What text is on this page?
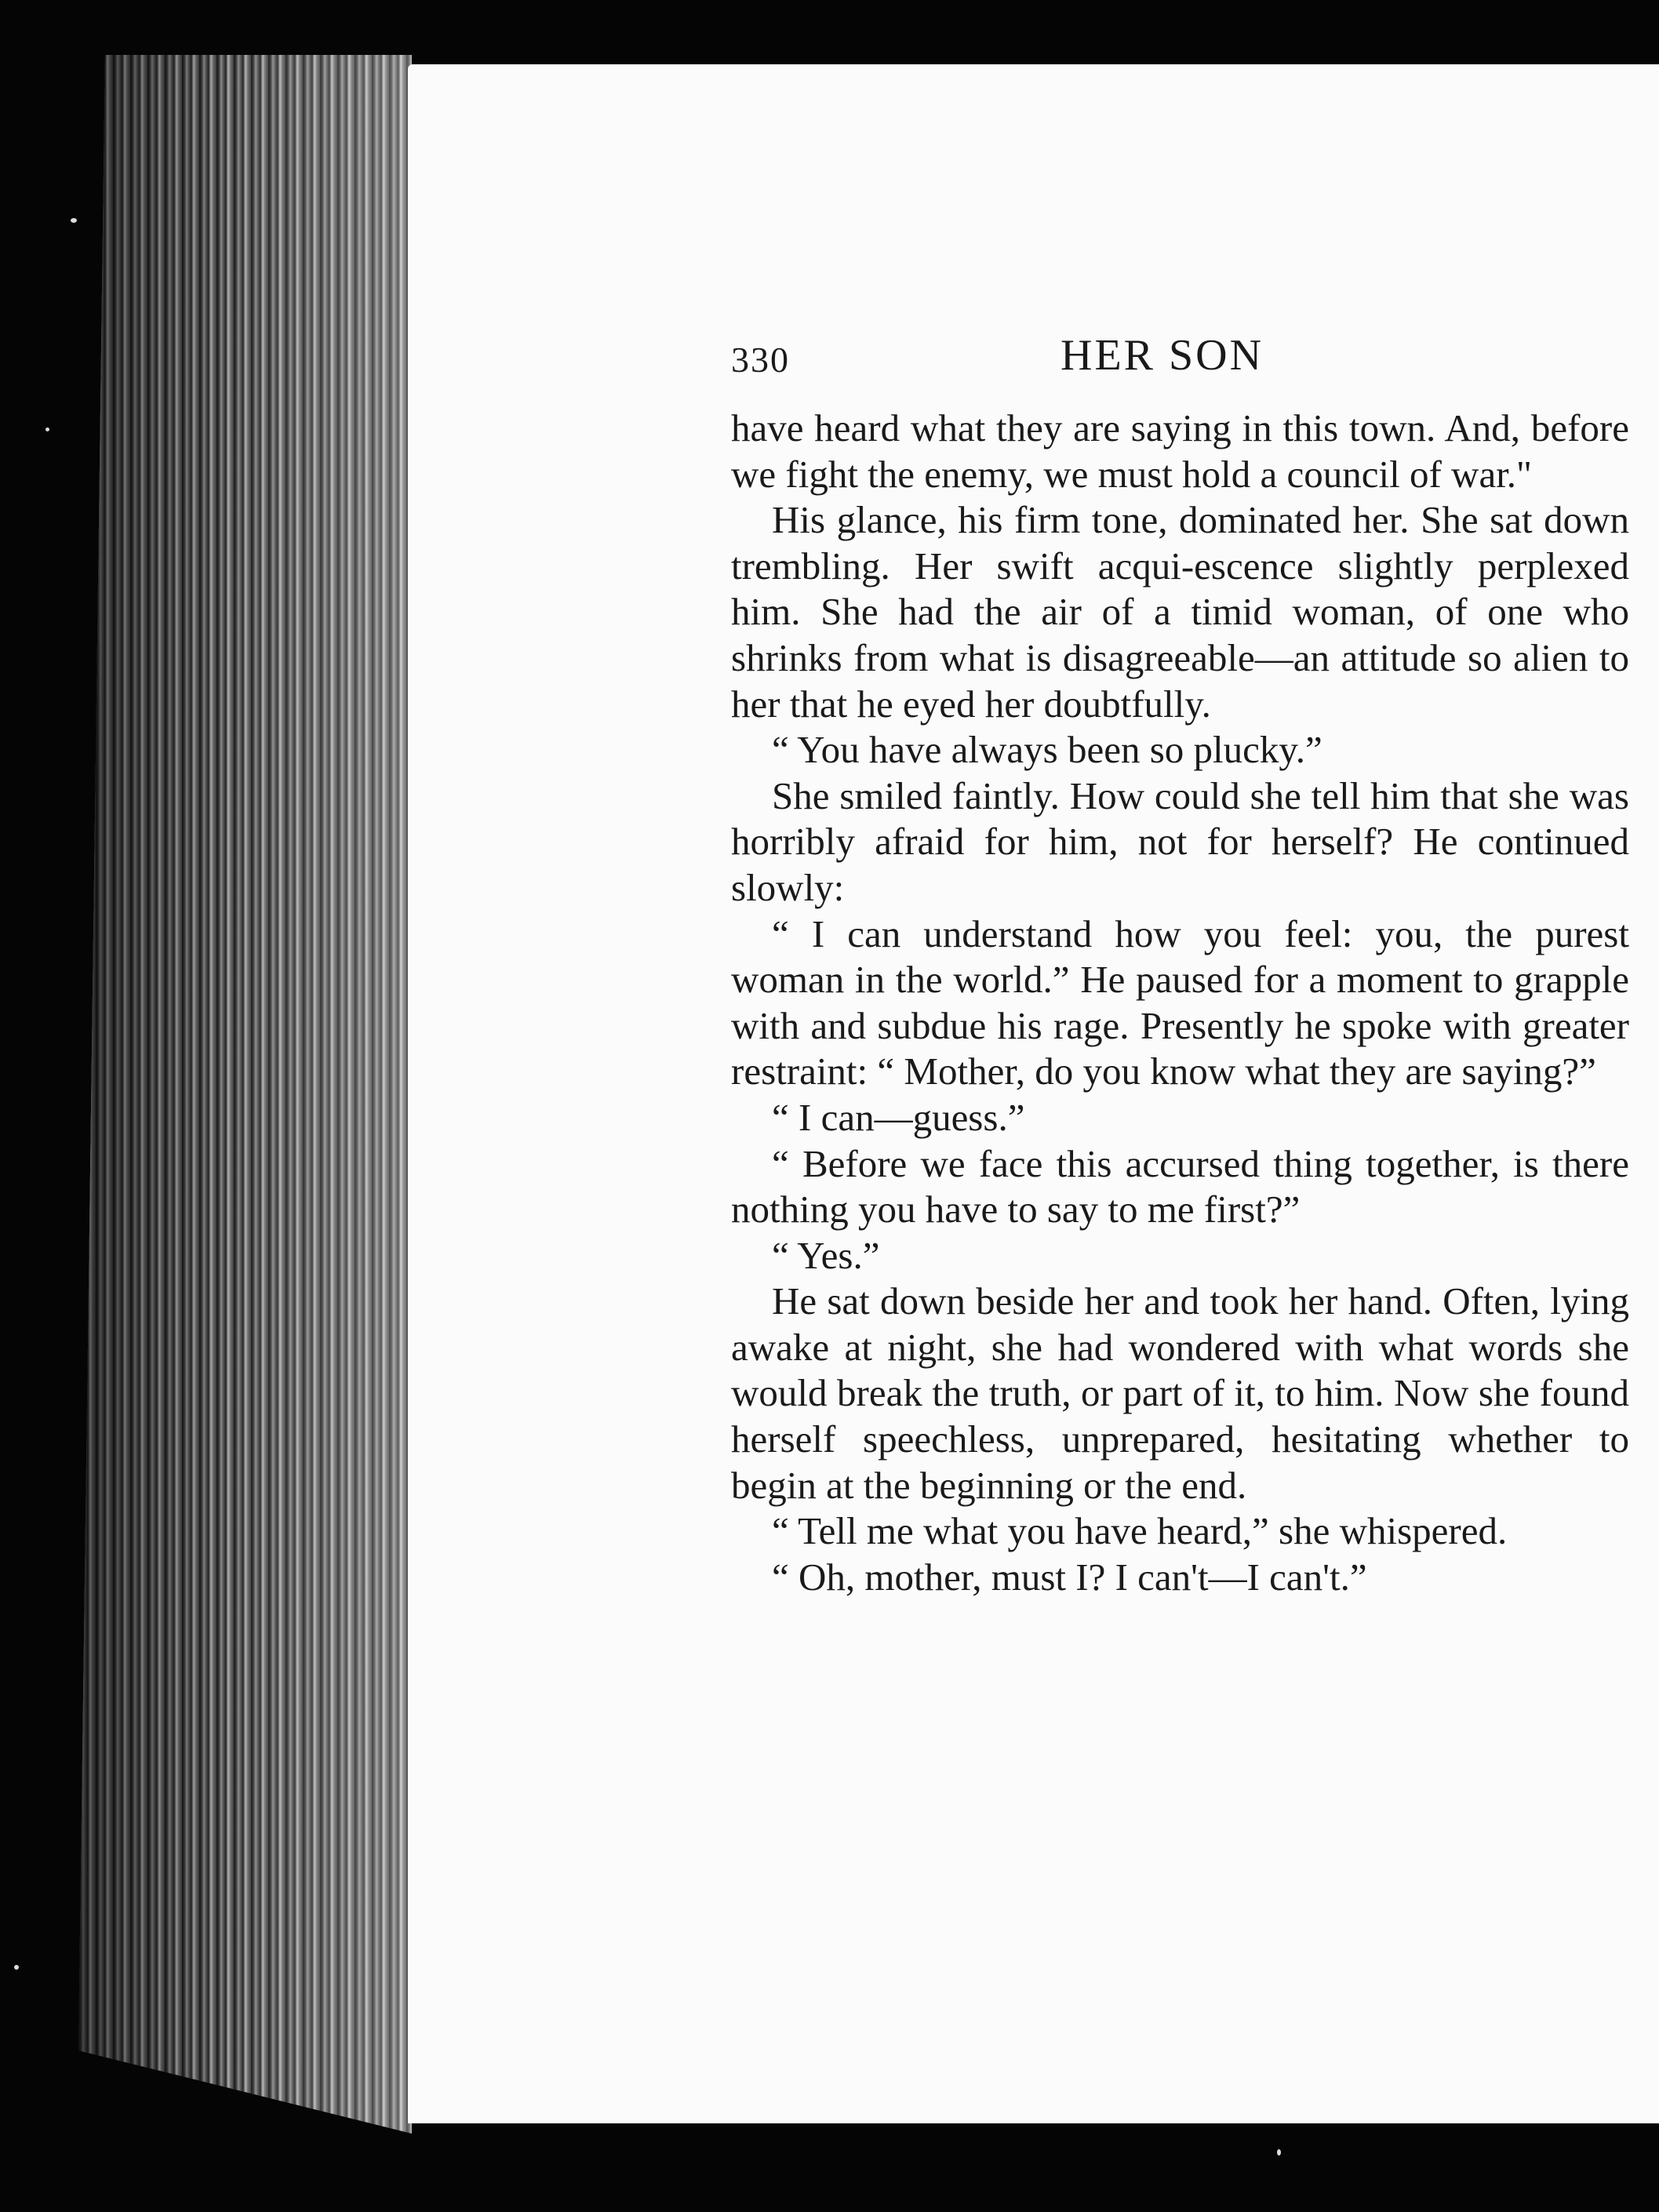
330	HER SON

have heard what they are saying in this town. And, before we fight the enemy, we must hold a council of war."

His glance, his firm tone, dominated her. She sat down trembling. Her swift acqui-escence slightly perplexed him. She had the air of a timid woman, of one who shrinks from what is disagreeable—an attitude so alien to her that he eyed her doubtfully.

“ You have always been so plucky.”

She smiled faintly. How could she tell him that she was horribly afraid for him, not for herself? He continued slowly:

“ I can understand how you feel: you, the purest woman in the world.” He paused for a moment to grapple with and subdue his rage. Presently he spoke with greater restraint: “ Mother, do you know what they are saying?”

“ I can—guess.”

“ Before we face this accursed thing together, is there nothing you have to say to me first?”

“ Yes.”

He sat down beside her and took her hand. Often, lying awake at night, she had wondered with what words she would break the truth, or part of it, to him. Now she found herself speechless, unprepared, hesitating whether to begin at the beginning or the end.

“ Tell me what you have heard,” she whispered.

“ Oh, mother, must I? I can't—I can't.”
